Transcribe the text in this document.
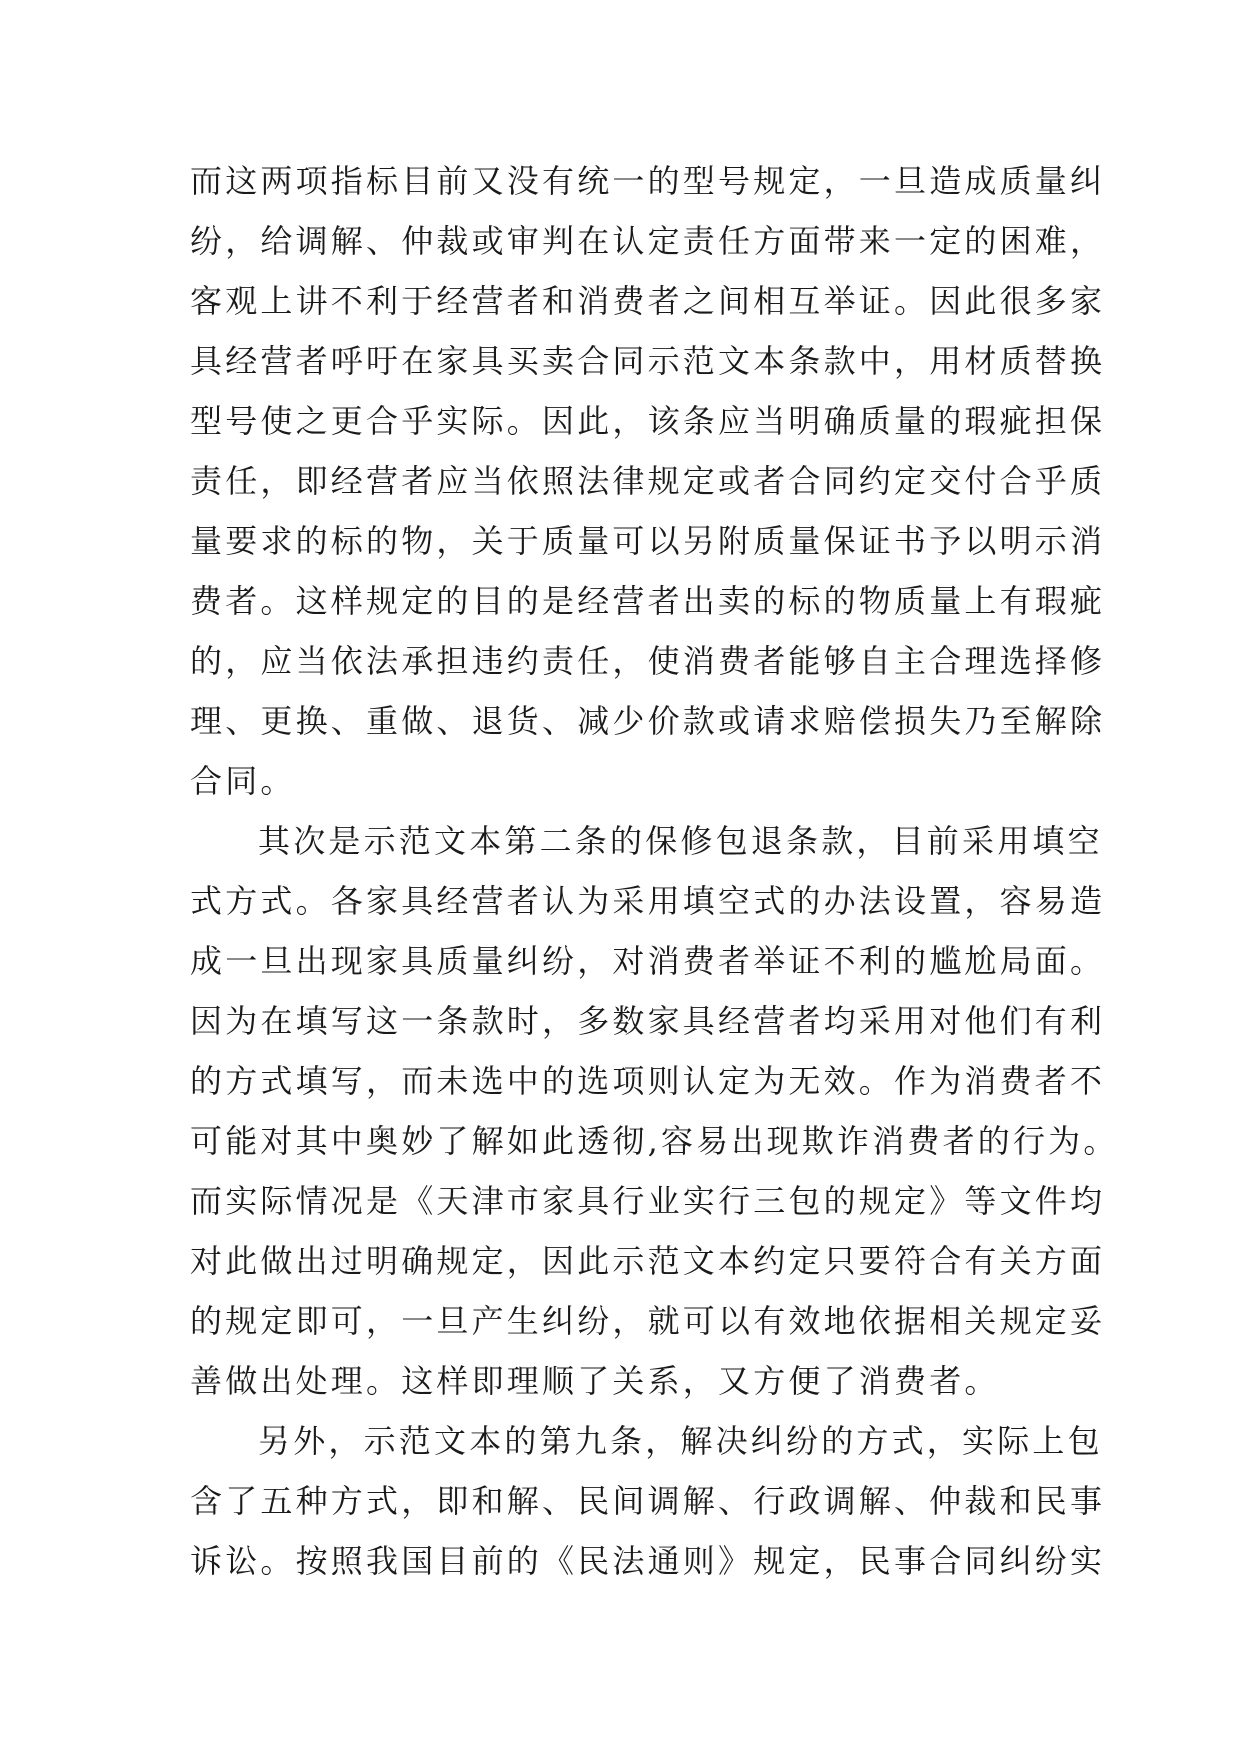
而这两项指标目前又没有统一的型号规定，一旦造成质量纠
纷，给调解、仲裁或审判在认定责任方面带来一定的困难，
客观上讲不利于经营者和消费者之间相互举证。因此很多家
具经营者呼吁在家具买卖合同示范文本条款中，用材质替换
型号使之更合乎实际。因此，该条应当明确质量的瑕疵担保
责任，即经营者应当依照法律规定或者合同约定交付合乎质
量要求的标的物，关于质量可以另附质量保证书予以明示消
费者。这样规定的目的是经营者出卖的标的物质量上有瑕疵
的，应当依法承担违约责任，使消费者能够自主合理选择修
理、更换、重做、退货、减少价款或请求赔偿损失乃至解除
合同。
其次是示范文本第二条的保修包退条款，目前采用填空
式方式。各家具经营者认为采用填空式的办法设置，容易造
成一旦出现家具质量纠纷，对消费者举证不利的尴尬局面。
因为在填写这一条款时，多数家具经营者均采用对他们有利
的方式填写，而未选中的选项则认定为无效。作为消费者不
可能对其中奥妙了解如此透彻,容易出现欺诈消费者的行为。
而实际情况是《天津市家具行业实行三包的规定》等文件均
对此做出过明确规定，因此示范文本约定只要符合有关方面
的规定即可，一旦产生纠纷，就可以有效地依据相关规定妥
善做出处理。这样即理顺了关系，又方便了消费者。
另外，示范文本的第九条，解决纠纷的方式，实际上包
含了五种方式，即和解、民间调解、行政调解、仲裁和民事
诉讼。按照我国目前的《民法通则》规定，民事合同纠纷实
